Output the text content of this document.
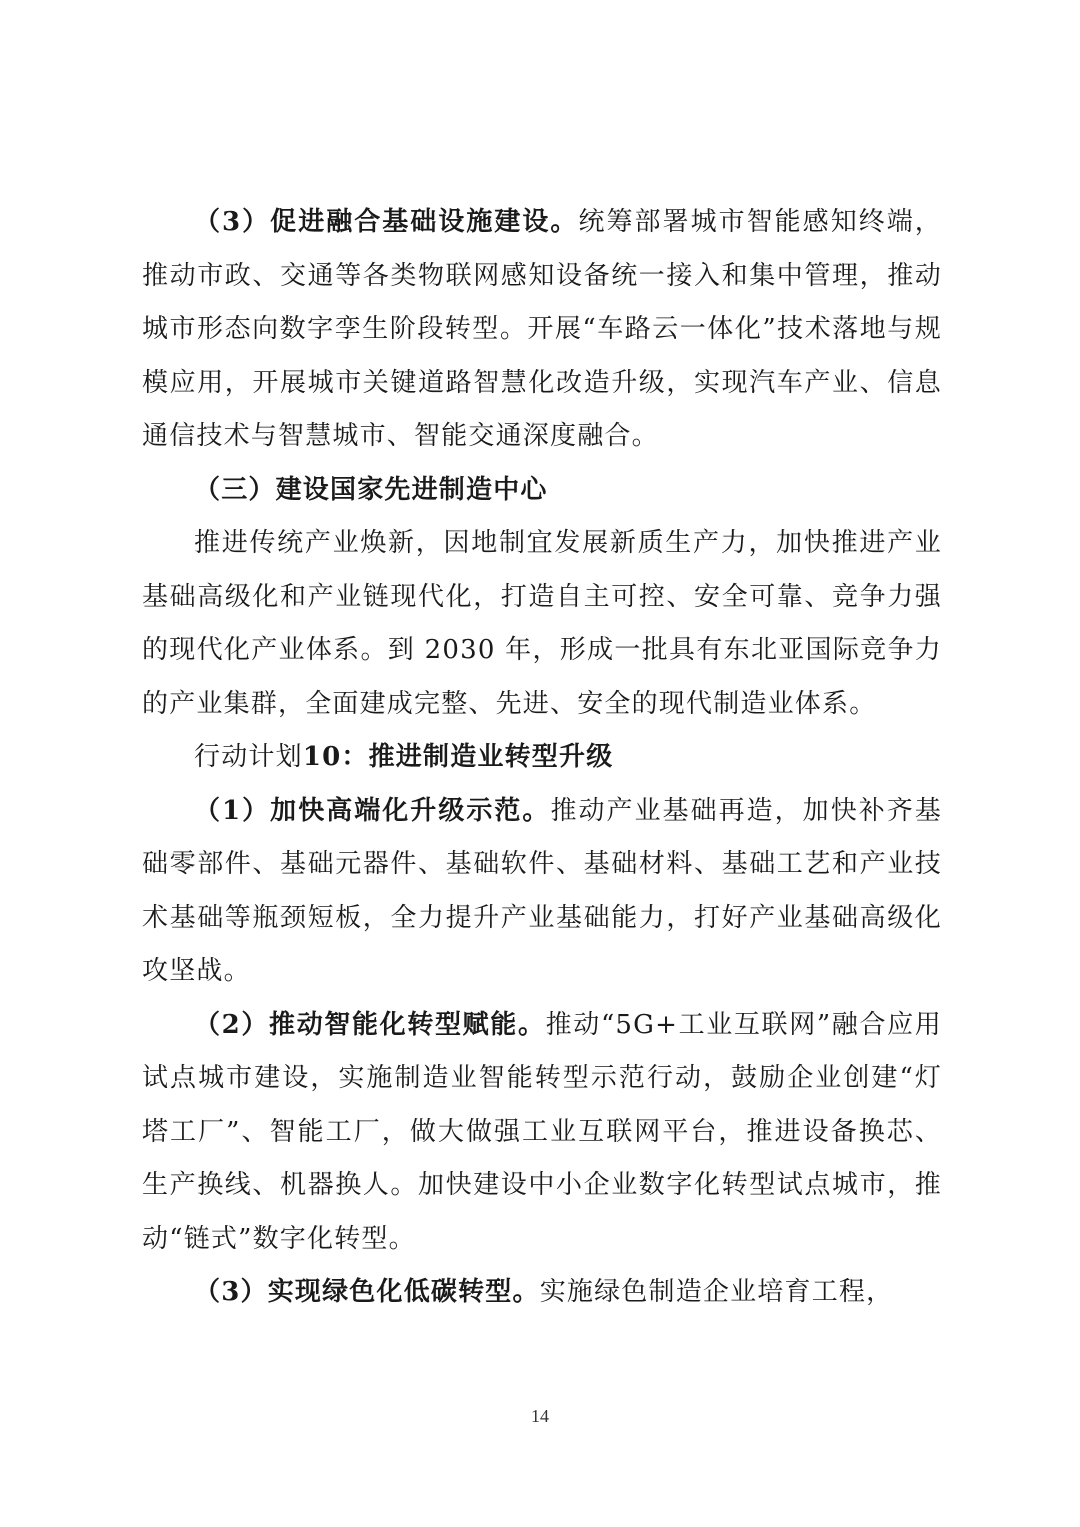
（3）促进融合基础设施建设。统筹部署城市智能感知终端，推动市政、交通等各类物联网感知设备统一接入和集中管理，推动城市形态向数字孪生阶段转型。开展“车路云一体化”技术落地与规模应用，开展城市关键道路智慧化改造升级，实现汽车产业、信息通信技术与智慧城市、智能交通深度融合。

（三）建设国家先进制造中心

推进传统产业焕新，因地制宜发展新质生产力，加快推进产业基础高级化和产业链现代化，打造自主可控、安全可靠、竞争力强的现代化产业体系。到 2030 年，形成一批具有东北亚国际竞争力的产业集群，全面建成完整、先进、安全的现代制造业体系。

行动计划10：推进制造业转型升级

（1）加快高端化升级示范。推动产业基础再造，加快补齐基础零部件、基础元器件、基础软件、基础材料、基础工艺和产业技术基础等瓶颈短板，全力提升产业基础能力，打好产业基础高级化攻坚战。

（2）推动智能化转型赋能。推动“5G+工业互联网”融合应用试点城市建设，实施制造业智能转型示范行动，鼓励企业创建“灯塔工厂”、智能工厂，做大做强工业互联网平台，推进设备换芯、生产换线、机器换人。加快建设中小企业数字化转型试点城市，推动“链式”数字化转型。

（3）实现绿色化低碳转型。实施绿色制造企业培育工程，

14
